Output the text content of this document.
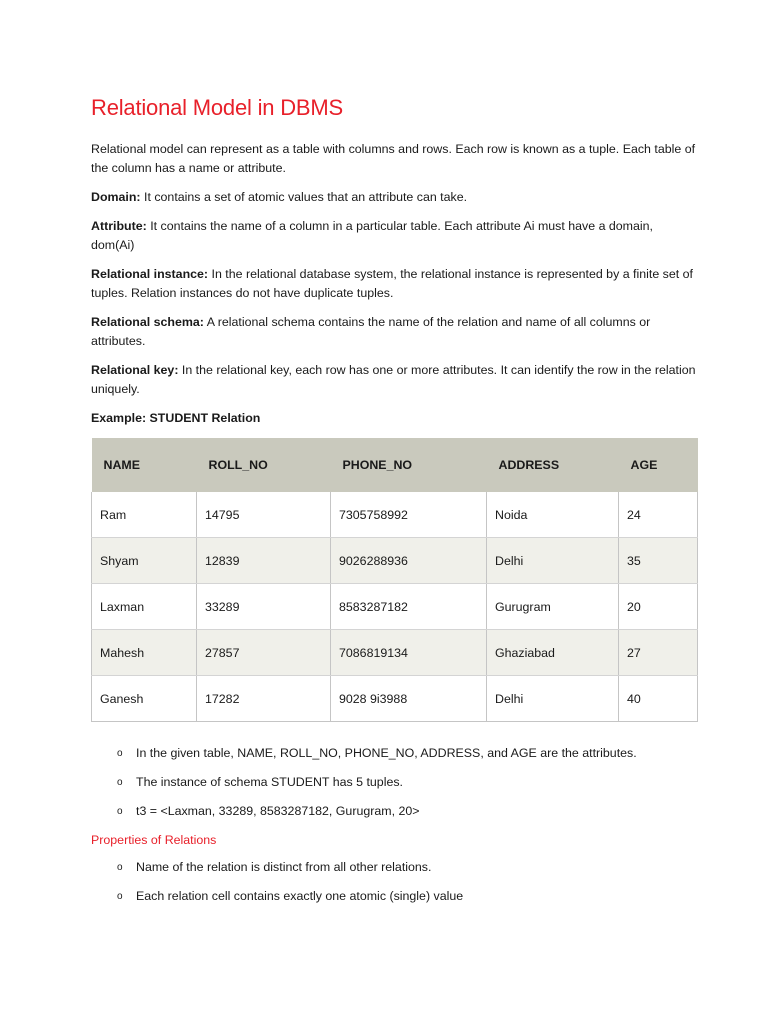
Relational Model in DBMS

Relational model can represent as a table with columns and rows. Each row is known as a tuple. Each table of the column has a name or attribute.

Domain: It contains a set of atomic values that an attribute can take.

Attribute: It contains the name of a column in a particular table. Each attribute Ai must have a domain, dom(Ai)

Relational instance: In the relational database system, the relational instance is represented by a finite set of tuples. Relation instances do not have duplicate tuples.

Relational schema: A relational schema contains the name of the relation and name of all columns or attributes.

Relational key: In the relational key, each row has one or more attributes. It can identify the row in the relation uniquely.

Example: STUDENT Relation

NAME	ROLL_NO	PHONE_NO	ADDRESS	AGE
Ram	14795	7305758992	Noida	24
Shyam	12839	9026288936	Delhi	35
Laxman	33289	8583287182	Gurugram	20
Mahesh	27857	7086819134	Ghaziabad	27
Ganesh	17282	9028 9i3988	Delhi	40
o In the given table, NAME, ROLL_NO, PHONE_NO, ADDRESS, and AGE are the attributes.
o The instance of schema STUDENT has 5 tuples.
o t3 = <Laxman, 33289, 8583287182, Gurugram, 20>
Properties of Relations
o Name of the relation is distinct from all other relations.
o Each relation cell contains exactly one atomic (single) value
